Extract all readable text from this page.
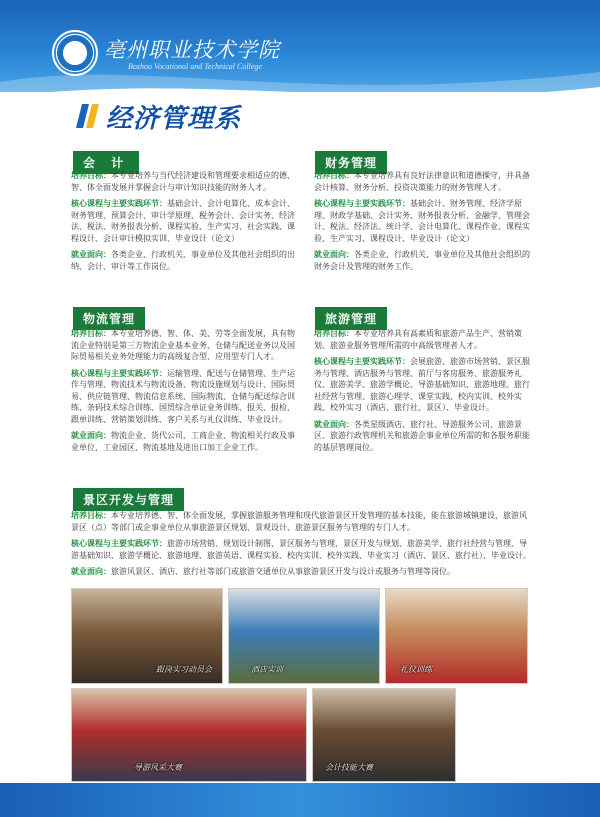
亳州职业技术学院
Bozhou Vocational and Technical College
经济管理系
会 计

培养目标：本专业培养与当代经济建设和管理要求相适应的德、智、体全面发展并掌握会计与审计知识技能的财务人才。

核心课程与主要实践环节：基础会计、会计电算化、成本会计、财务管理、预算会计、审计学原理、税务会计、会计实务、经济法、税法、财务报表分析、课程实验、生产实习、社会实践、课程设计、会计审计模拟实训、毕业设计（论文）

就业面向：各类企业、行政机关、事业单位及其他社会组织的出纳、会计、审计等工作岗位。

财务管理

培养目标：本专业培养具有良好法律意识和道德操守，并具备会计核算、财务分析、投资决策能力的财务管理人才。

核心课程与主要实践环节：基础会计、财务管理、经济学原理、财政学基础、会计实务、财务报表分析、金融学、管理会计、税法、经济法、统计学、会计电算化、课程作业、课程实验、生产实习、课程设计、毕业设计（论文）

就业面向：各类企业、行政机关、事业单位及其他社会组织的财务会计及管理的财务工作。

物流管理

培养目标：本专业培养德、智、体、美、劳等全面发展，具有物流企业特别是第三方物流企业基本业务、仓储与配送业务以及国际贸易相关业务处理能力的高级复合型、应用型专门人才。

核心课程与主要实践环节：运输管理、配送与仓储管理、生产运作与管理、物流技术与物流设备、物流设施规划与设计、国际贸易、供应链管理、物流信息系统、国际物流、仓储与配送综合训练、条码技术综合训练、国贸综合单证业务训练、报关、报检、跟单训练、营销策划训练、客户关系与礼仪训练、毕业设计。

就业面向：物流企业、货代公司、工商企业、物流相关行政及事业单位，工业园区、物流基地及进出口加工企业工作。

旅游管理

培养目标：本专业培养具有高素质和旅游产品生产、营销策划、旅游业服务管理所需的中高级管理者人才。

核心课程与主要实践环节：会展旅游、旅游市场营销、景区服务与管理、酒店服务与管理、前厅与客房服务、旅游服务礼仪、旅游美学、旅游学概论、导游基础知识、旅游地理、旅行社经营与管理、旅游心理学、课堂实践、校内实训、校外实践、校外实习（酒店、旅行社、景区）、毕业设计。

就业面向：各类星级酒店、旅行社、导游服务公司、旅游景区、旅游行政管理机关和旅游企事业单位所需的和各服务职能的基层管理岗位。

景区开发与管理

培养目标：本专业培养德、智、体全面发展，掌握旅游服务管理和现代旅游景区开发管理的基本技能，能在旅游城镇建设，旅游风景区（点）等部门或企事业单位从事旅游景区规划、景观设计、旅游景区服务与管理的专门人才。

核心课程与主要实践环节：旅游市场营销、规划设计制图、景区服务与管理、景区开发与规划、旅游美学、旅行社经营与管理、导游基础知识、旅游学概论、旅游地理、旅游英语、课程实验、校内实训、校外实践、毕业实习（酒店、景区、旅行社）、毕业设计。

就业面向：旅游风景区、酒店、旅行社等部门或旅游交通单位从事旅游景区开发与设计或服务与管理等岗位。

跟岗实习动员会	酒店实训	礼仪训练
导游风采大赛	会计技能大赛
